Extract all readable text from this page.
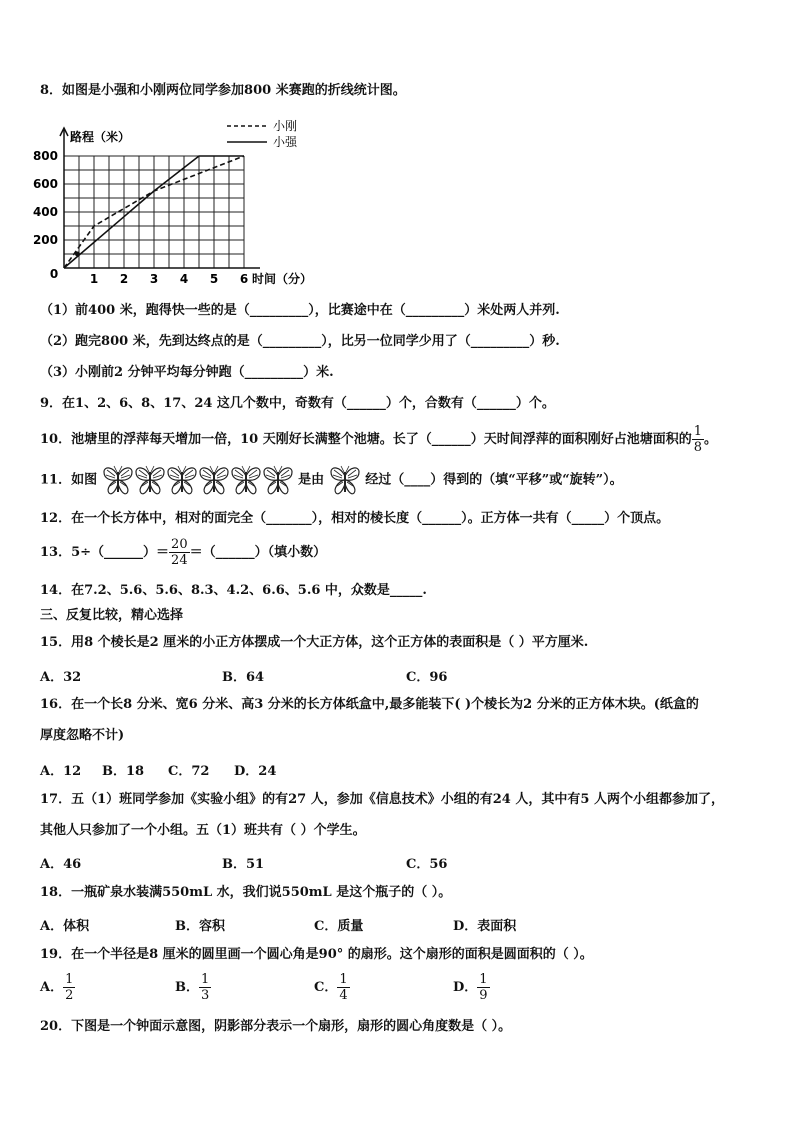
8．如图是小强和小刚两位同学参加800 米赛跑的折线统计图。
200
400
600
800
0	1 2 3 4 5 6
小刚
小强
路程（米）
时间（分）
（1）前400 米，跑得快一些的是（_________），比赛途中在（_________）米处两人并列.
（2）跑完800 米，先到达终点的是（_________），比另一位同学少用了（_________）秒.
（3）小刚前2 分钟平均每分钟跑（_________）米.
9．在1、2、6、8、17、24 这几个数中，奇数有（______）个，合数有（______）个。
10．池塘里的浮萍每天增加一倍，10 天刚好长满整个池塘。长了（______）天时间浮萍的面积刚好占池塘面积的 $\frac{1}{8}$ 。
11．如图	是由	经过（____）得到的（填“平移”或“旋转”）。
12．在一个长方体中，相对的面完全（_______），相对的棱长度（______）。正方体一共有（_____）个顶点。
13．5÷（______）＝ $\frac{20}{24}$ ＝（______）（填小数）
14．在7.2、5.6、5.6、8.3、4.2、6.6、5.6 中，众数是_____.
三、反复比较，精心选择
15．用8 个棱长是2 厘米的小正方体摆成一个大正方体，这个正方体的表面积是（ ）平方厘米.
A．32	B．64	C．96
16．在一个长8 分米、宽6 分米、高3 分米的长方体纸盒中,最多能装下( )个棱长为2 分米的正方体木块。(纸盒的
厚度忽略不计)
A．12 B．18 C．72 D．24
17．五（1）班同学参加《实验小组》的有27 人，参加《信息技术》小组的有24 人，其中有5 人两个小组都参加了，
其他人只参加了一个小组。五（1）班共有（ ）个学生。
A．46	B．51	C．56
18．一瓶矿泉水装满550mL 水，我们说550mL 是这个瓶子的（ ）。
A．体积	B．容积	C．质量	D．表面积
19．在一个半径是8 厘米的圆里画一个圆心角是90° 的扇形。这个扇形的面积是圆面积的（ ）。
A． $\frac{1}{2}$	B． $\frac{1}{3}$	C． $\frac{1}{4}$	D． $\frac{1}{9}$
20．下图是一个钟面示意图，阴影部分表示一个扇形，扇形的圆心角度数是（ ）。
